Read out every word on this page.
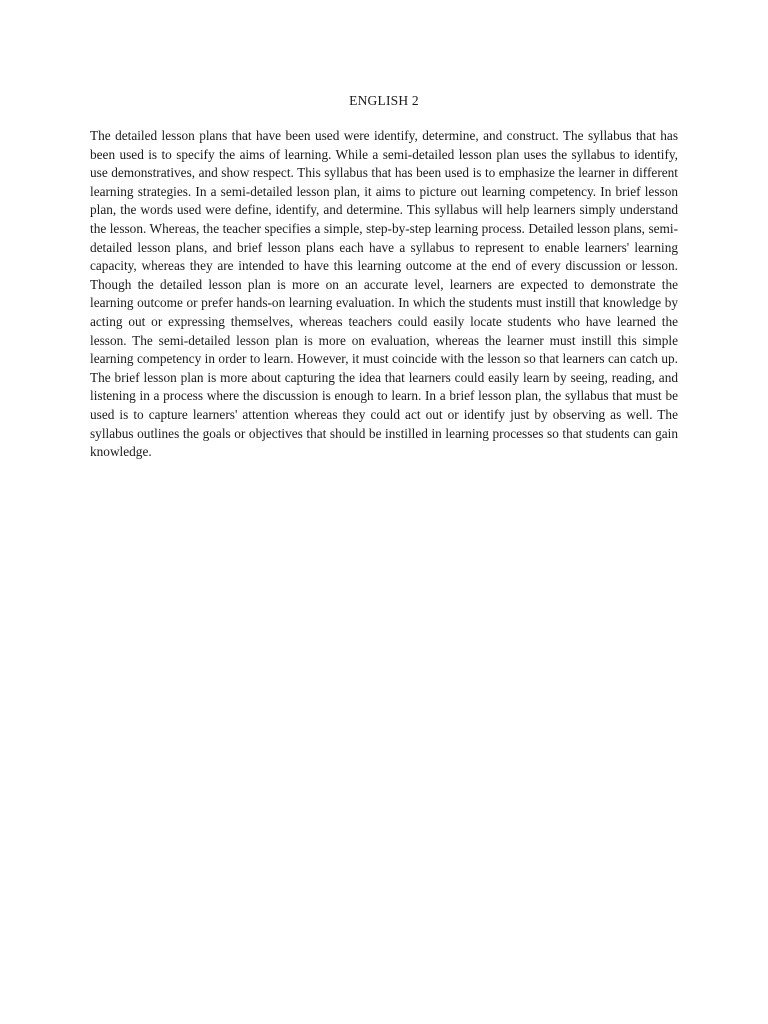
ENGLISH 2

The detailed lesson plans that have been used were identify, determine, and construct. The syllabus that has been used is to specify the aims of learning. While a semi-detailed lesson plan uses the syllabus to identify, use demonstratives, and show respect. This syllabus that has been used is to emphasize the learner in different learning strategies. In a semi-detailed lesson plan, it aims to picture out learning competency. In brief lesson plan, the words used were define, identify, and determine. This syllabus will help learners simply understand the lesson. Whereas, the teacher specifies a simple, step-by-step learning process. Detailed lesson plans, semi-detailed lesson plans, and brief lesson plans each have a syllabus to represent to enable learners' learning capacity, whereas they are intended to have this learning outcome at the end of every discussion or lesson. Though the detailed lesson plan is more on an accurate level, learners are expected to demonstrate the learning outcome or prefer hands-on learning evaluation. In which the students must instill that knowledge by acting out or expressing themselves, whereas teachers could easily locate students who have learned the lesson. The semi-detailed lesson plan is more on evaluation, whereas the learner must instill this simple learning competency in order to learn. However, it must coincide with the lesson so that learners can catch up. The brief lesson plan is more about capturing the idea that learners could easily learn by seeing, reading, and listening in a process where the discussion is enough to learn. In a brief lesson plan, the syllabus that must be used is to capture learners' attention whereas they could act out or identify just by observing as well. The syllabus outlines the goals or objectives that should be instilled in learning processes so that students can gain knowledge.
